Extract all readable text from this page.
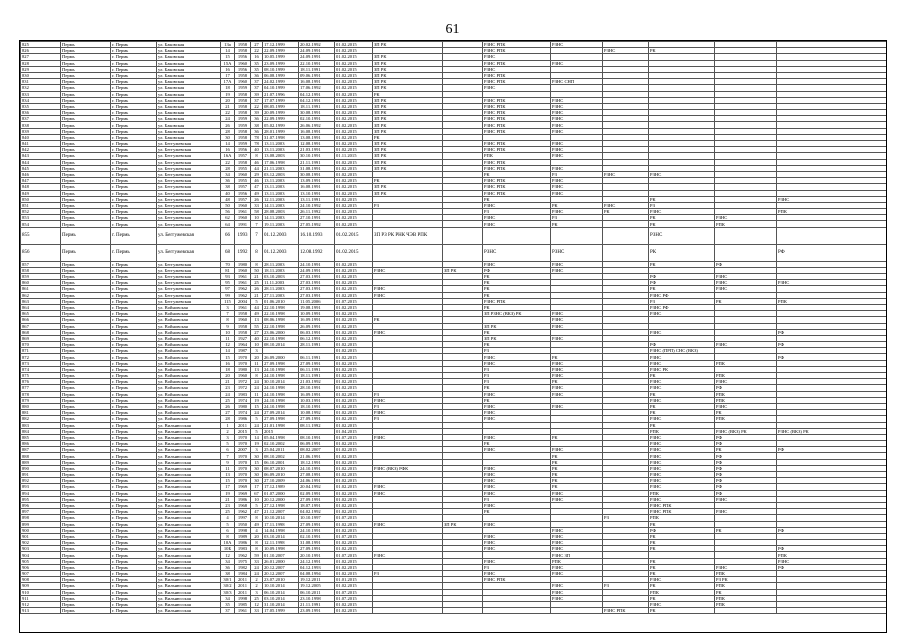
61
825	Пермь	г. Пермь	ул. Баковская	13а	1958	27	17.12.1999	20.02.1992	01.02.2015	ЗП РК		РЗНС РПК	РЗНС				
826	Пермь	г. Пермь	ул. Баковская	14	1958	22	22.09.1999	24.09.1991	01.02.2015			РЗНС РПК		РЗНС	РК		
827	Пермь	г. Пермь	ул. Баковская	15	1956	16	10.05.1999	24.09.1991	01.02.2015	ЗП РК		РЗНС					
828	Пермь	г. Пермь	ул. Баковская	15А	1960	35	23.09.1999	22.10.1991	01.02.2015	ЗП РК		РЗНС РПК	РЗНС				
829	Пермь	г. Пермь	ул. Баковская	16	1956	35	08.10.1999	18.11.1991	01.02.2015	ЗП РК		РЗНС					
830	Пермь	г. Пермь	ул. Баковская	17	1958	36	06.08.1999	09.06.1991	01.02.2015	ЗП РК		РЗНС РПК					
831	Пермь	г. Пермь	ул. Баковская	17А	1960	37	24.02.1999	16.08.1991	01.02.2015	ЗП РК		РЗНС РПК	РЗНС СНП				
832	Пермь	г. Пермь	ул. Баковская	18	1959	37	04.10.1999	17.06.1992	01.02.2015	ЗП РК		РЗНС					
833	Пермь	г. Пермь	ул. Баковская	19	1958	39	21.07.1996	04.12.1991	01.02.2015	РК							
834	Пермь	г. Пермь	ул. Баковская	20	1958	37	17.07.1999	04.12.1991	01.02.2015	ЗП РК		РЗНС РПК	РЗНС				
835	Пермь	г. Пермь	ул. Баковская	21	1958	22	08.05.1999	18.11.1991	01.02.2015	ЗП РК		РЗНС РПК	РЗНС				
836	Пермь	г. Пермь	ул. Баковская	22	1958	39	20.09.1999	30.08.1991	01.02.2015	ЗП РК		РЗНС РПК	РЗНС				
837	Пермь	г. Пермь	ул. Баковская	24	1959	36	22.09.1999	02.10.1991	01.02.2015	ЗП РК		РЗНС РПК	РЗНС				
838	Пермь	г. Пермь	ул. Баковская	26	1959	38	05.02.1999	26.06.1992	01.02.2015	ЗП РК		РЗНС РПК	РЗНС				
839	Пермь	г. Пермь	ул. Баковская	28	1958	36	28.01.1999	16.08.1991	01.02.2015	ЗП РК		РЗНС РПК	РЗНС				
840	Пермь	г. Пермь	ул. Баковская	30	1958	78	31.07.1998	13.08.1991	01.02.2015	РК							
841	Пермь	г. Пермь	ул. Беггужевская	14	1959	78	13.11.2003	12.08.1991	01.02.2015	ЗП РК		РЗНС РПК	РЗНС				
842	Пермь	г. Пермь	ул. Беггужевская	16	1956	40	13.11.2003	21.03.1991	01.02.2015	ЗП РК		РЗНС РПК	РЗНС				
843	Пермь	г. Пермь	ул. Беггужевская	16А	1957	8	13.08.2003	30.10.1991	01.11.2015	ЗП РК		РПК	РЗНС				
844	Пермь	г. Пермь	ул. Беггужевская	22	1958	46	17.06.1998	21.11.1991	01.02.2015	ЗП РК		РЗНС РПК					
845	Пермь	г. Пермь	ул. Беггужевская	28	1955	44	21.11.2003	31.08.1991	01.02.2015	ЗП РК		РЗНС РПК	РЗНС				
846	Пермь	г. Пермь	ул. Беггужевская	34	1960	29	03.12.2003	30.08.1991	01.02.2015			РК	РЗ	РЗНС	РЗНС		
847	Пермь	г. Пермь	ул. Беггужевская	36	1955	46	13.11.2003	13.09.1991	01.02.2015	РК		РЗНС РПК	РЗНС				
848	Пермь	г. Пермь	ул. Беггужевская	38	1957	47	13.11.2003	16.08.1991	01.02.2015	ЗП РК		РЗНС РПК	РЗНС				
849	Пермь	г. Пермь	ул. Беггужевская	40	1956	49	13.11.2003	13.10.1991	01.02.2015	ЗП РК		РЗНС РПК	РЗНС				
850	Пермь	г. Пермь	ул. Беггужевская	48	1957	26	12.11.2003	13.11.1991	01.02.2015			РК			РК		РЗНС
851	Пермь	г. Пермь	ул. Беггужевская	50	1960	33	14.11.2003	24.10.1992	01.02.2015	РЗ		РЗНС	РК	РЗНС	РЗ		
852	Пермь	г. Пермь	ул. Беггужевская	56	1961	58	28.08.2003	26.11.1992	01.02.2015			РЗ	РЗНС	РК	РЗНС		РПК
853	Пермь	г. Пермь	ул. Беггужевская	62	1960	10	14.11.2003	27.10.1991	01.02.2015			РЗНС	РЗ		РК	РЗНС	
854	Пермь	г. Пермь	ул. Беггужевская	64	1991	7	19.11.2003	27.05.1992	01.02.2015			РЗНС	РК		РК	РПК	
855	Пермь	г. Пермь	ул. Беггужевская	66	1993	7	01.12.2003	16.10.1993	01.02.2015	ЗП РЗ РК РНК ЧЭВ РПК					РЗНС		
856	Пермь	г. Пермь	ул. Беггужевская	68	1992	8	01.12.2003	12.08.1992	01.02.2015			РЗНС	РЗНС		РК		РФ
857	Пермь	г. Пермь	ул. Беггужевская	70	1980	8	28.11.2003	24.10.1991	01.02.2015			РЗНС	РЗНС		РК	РФ	
858	Пермь	г. Пермь	ул. Беггужевская	81	1960	50	18.11.2003	24.09.1991	01.02.2015	РЗНС	ЗП РК	РФ	РЗНС				
859	Пермь	г. Пермь	ул. Беггужевская	93	1961	21	03.10.2003	27.03.1991	01.02.2015			РК			РФ	РЗНС	
860	Пермь	г. Пермь	ул. Беггужевская	95	1961	25	11.11.2003	27.03.1991	01.02.2015			РК			РФ	РЗНС	РЗНС
861	Пермь	г. Пермь	ул. Беггужевская	97	1962	26	28.11.2003	27.03.1991	01.02.2015	РЗНС		РК			РК	РЗНС	
862	Пермь	г. Пермь	ул. Беггужевская	99	1962	21	27.11.2003	27.03.1991	01.02.2015	РЗНС		РК			РЗНС РФ		
863	Пермь	г. Пермь	ул. Беггужевская	115	2004	5	01.06.2010	11.05.2006	01.07.2015			РЗНС РПК			РЗ	РК	РПК
864	Пермь	г. Пермь	ул. Войновская	3	1961	44	22.10.1998	19.08.1991	01.02.2015			РК			РЗНС РФ		
865	Пермь	г. Пермь	ул. Войновская	7	1958	49	22.10.1998	10.09.1991	01.02.2015			ЗП РЗНС (ВКЗ) РК	РЗНС		РЗНС		
866	Пермь	г. Пермь	ул. Войновская	8	1960	13	08.06.1998	16.09.1991	01.02.2015	РК			РЗНС				
867	Пермь	г. Пермь	ул. Войновская	9	1958	55	22.10.1998	26.09.1991	01.02.2015			ЗП РК	РЗНС				
868	Пермь	г. Пермь	ул. Войновская	10	1958	27	23.06.2000	06.03.1991	01.02.2015	РЗНС		РК			РЗНС		РФ
869	Пермь	г. Пермь	ул. Войновская	11	1927	40	22.10.1998	06.12.1991	01.02.2015			ЗП РК	РЗНС				
870	Пермь	г. Пермь	ул. Войновская	12	1964	10	08.10.2014	28.11.1991	01.02.2015			РК			РФ	РЗНС	РФ
871	Пермь	г. Пермь	ул. Войновская	14	1987	3			01.02.2015			РЗ			РЗНС (ПРП) СНС (ВКЗ)		
872	Пермь	г. Пермь	ул. Войновская	15	1970	20	26.09.2000	06.11.1991	01.02.2015			РЗНС	РК		РЗНС		РФ
873	Пермь	г. Пермь	ул. Войновская	16	1970	11	27.09.1998	27.09.1991	01.02.2015			РЗНС	РЗНС		РЗНС	РПК	
874	Пермь	г. Пермь	ул. Войновская	18	1980	13	24.10.1998	06.11.1991	01.02.2015			РЗ	РЗНС		РЗНС РК		
875	Пермь	г. Пермь	ул. Войновская	20	1960	8	24.10.1998	18.11.1991	01.02.2015			РЗ	РЗНС		РК	РПК	
876	Пермь	г. Пермь	ул. Войновская	21	1972	24	30.10.2014	21.03.1992	01.02.2015			РЗ	РК		РЗНС	РЗНС	
877	Пермь	г. Пермь	ул. Войновская	23	1972	24	24.10.1998	28.10.1991	01.02.2015			РК	РЗНС		РЗНС	РФ	
878	Пермь	г. Пермь	ул. Войновская	24	1983	11	24.10.1998	16.09.1991	01.02.2015	РЗ		РЗНС	РЗНС		РК	РПК	
879	Пермь	г. Пермь	ул. Войновская	25	1974	19	24.10.1998	10.03.1991	01.02.2015	РЗНС		РК			РЗНС	РПК	
880	Пермь	г. Пермь	ул. Войновская	26	1980	15	24.10.1998	18.10.1991	01.02.2015	РЗ		РЗНС	РЗНС		РК	РЗНС	
881	Пермь	г. Пермь	ул. Войновская	27	1974	24	27.09.2014	10.08.1992	01.02.2015	РЗНС		РЗНС			РК	РК	
882	Пермь	г. Пермь	ул. Войновская	28	1986	5	27.09.1998	27.09.1991	01.02.2015	РЗ		РЗНС			РЗНС	РПК	
883	Пермь	г. Пермь	ул. Вильнюсская	1	2011	24	21.01.1998	08.11.1992	01.02.2015						РК		
884	Пермь	г. Пермь	ул. Вильнюсская	2	2015	5	2015		01.04.2015						РПК	РЗНС (ВКЗ) РК	РЗНС (ВКЗ) РК
885	Пермь	г. Пермь	ул. Вильнюсская	3	1970	14	05.04.1998	08.10.1991	01.07.2015	РЗНС		РЗНС	РК		РЗНС	РФ	
886	Пермь	г. Пермь	ул. Вильнюсская	5	1970	19	02.10.2002	06.09.1991	01.02.2015			РК			РЗНС	РФ	
887	Пермь	г. Пермь	ул. Вильнюсская	6	2007	3	25.04.2011	08.02.2007	01.02.2015			РЗНС	РЗНС		РЗНС	РК	РФ
888	Пермь	г. Пермь	ул. Вильнюсская	7	1970	30	08.10.2002	21.06.1991	01.02.2015				РК		РЗНС	РФ	
889	Пермь	г. Пермь	ул. Вильнюсская	9	1970	15	06.10.2001	18.12.1991	01.02.2015				РК		РЗНС	РФ	
890	Пермь	г. Пермь	ул. Вильнюсская	11	1970	30	08.07.2010	24.10.1991	01.02.2015	РЗНС (ВКЗ) РФК		РЗНС	РК		РЗНС	РФ	
891	Пермь	г. Пермь	ул. Вильнюсская	13	1970	30	06.09.2010	27.08.1991	01.02.2015			РЗНС	РК		РЗНС	РФ	
892	Пермь	г. Пермь	ул. Вильнюсская	15	1970	30	27.10.2009	24.06.1991	01.02.2015			РЗНС	РК		РЗНС	РФ	
893	Пермь	г. Пермь	ул. Вильнюсская	17	1969	17	17.12.1989	20.04.1992	01.02.2015	РЗНС		РЗНС	РК		РЗНС	РФ	
894	Пермь	г. Пермь	ул. Вильнюсская	19	1969	67	01.07.2000	02.09.1991	01.02.2015	РЗНС		РЗНС	РЗНС		РПК	РФ	
895	Пермь	г. Пермь	ул. Вильнюсская	21	1986	10	20.12.2000	27.09.1991	01.02.2015			РЗ	РЗНС		РЗНС	РЗНС	
896	Пермь	г. Пермь	ул. Вильнюсская	23	1968	5	27.12.1998	18.07.1991	01.02.2015			РЗНС			РЗНС РПК		
897	Пермь	г. Пермь	ул. Вильнюсская	25	1962	47	21.12.2007	04.02.1992	01.02.2015			РК			РЗНС РПК	РЗНС	
898	Пермь	г. Пермь	ул. Вильнюсская	4	1997	8	10.10.2014	10.10.1997	01.07.2015					РЗ	РПК		
899	Пермь	г. Пермь	ул. Вильнюсская	5	1950	49	17.11.1998	27.09.1991	01.02.2015	РЗНС	ЗП РК	РЗНС			РК		
900	Пермь	г. Пермь	ул. Вильнюсская	6	1998	4	14.04.1998	24.10.1991	01.02.2015				РЗНС		РФ	РК	РФ
901	Пермь	г. Пермь	ул. Вильнюсская	8	1989	20	03.10.2014	02.10.1991	01.07.2015			РЗНС	РЗНС		РК		
902	Пермь	г. Пермь	ул. Вильнюсская	10А	1986	8	12.11.1998	31.08.1991	01.02.2015			РЗНС	РЗНС		РК		
903	Пермь	г. Пермь	ул. Вильнюсская	10Б	1983	8	10.09.1998	27.09.1991	01.02.2015			РЗНС	РЗНС		РК		РФ
904	Пермь	г. Пермь	ул. Вильнюсская	12	1962	59	01.10.2007	20.10.1991	01.07.2015	РЗНС			РЗНС ЗП				РПК
905	Пермь	г. Пермь	ул. Вильнюсская	34	1975	33	26.01.2000	24.12.1991	01.02.2015			РЗНС	РПК		РК		РЗНС
906	Пермь	г. Пермь	ул. Вильнюсская	36	1982	24	20.12.2007	04.12.1993	01.02.2015			РЗ	РЗНС		РК	РЗНС	РФ
907	Пермь	г. Пермь	ул. Вильнюсская	38	1984	24	20.12.2007	04.08.1994	01.02.2015	РЗ		РЗНС	РЗНС		РК	РПК	
908	Пермь	г. Пермь	ул. Вильнюсская	30/1	2011	2	23.07.2010	19.12.2011	01.01.2015			РЗНС РПК			РЗНС	РЗ РК	
909	Пермь	г. Пермь	ул. Вильнюсская	30/2	2011	2	10.10.2014	19.12.2005	01.02.2015				РЗНС	РЗ	РК	РПК	
910	Пермь	г. Пермь	ул. Вильнюсская	30/3	2011	3	06.10.2014	06.10.2011	01.07.2015				РЗНС		РПК	РК	
911	Пермь	г. Пермь	ул. Вильнюсская	34	1998	25	03.10.2014	23.10.1998	01.07.2015				РЗНС		РК	РПК	
912	Пермь	г. Пермь	ул. Вильнюсская	35	1985	12	31.10.2014	21.11.1991	01.02.2015						РЗНС	РПК	
913	Пермь	г. Пермь	ул. Вильнюсская	37	1961	33	17.05.1999	23.09.1991	01.02.2015					РЗНС РПК	РК		
